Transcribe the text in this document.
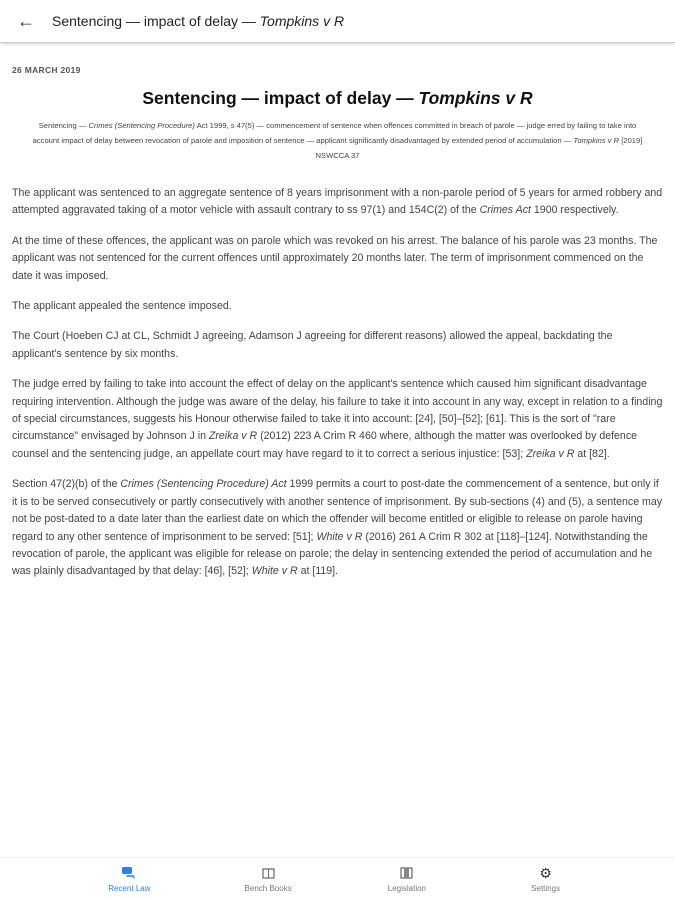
← Sentencing — impact of delay — Tompkins v R
26 MARCH 2019
Sentencing — impact of delay — Tompkins v R
Sentencing — Crimes (Sentencing Procedure) Act 1999, s 47(5) — commencement of sentence when offences committed in breach of parole — judge erred by failing to take into account impact of delay between revocation of parole and imposition of sentence — applicant significantly disadvantaged by extended period of accumulation — Tompkins v R [2019] NSWCCA 37

The applicant was sentenced to an aggregate sentence of 8 years imprisonment with a non-parole period of 5 years for armed robbery and attempted aggravated taking of a motor vehicle with assault contrary to ss 97(1) and 154C(2) of the Crimes Act 1900 respectively.

At the time of these offences, the applicant was on parole which was revoked on his arrest. The balance of his parole was 23 months. The applicant was not sentenced for the current offences until approximately 20 months later. The term of imprisonment commenced on the date it was imposed.

The applicant appealed the sentence imposed.

The Court (Hoeben CJ at CL, Schmidt J agreeing, Adamson J agreeing for different reasons) allowed the appeal, backdating the applicant's sentence by six months.

The judge erred by failing to take into account the effect of delay on the applicant's sentence which caused him significant disadvantage requiring intervention. Although the judge was aware of the delay, his failure to take it into account in any way, except in relation to a finding of special circumstances, suggests his Honour otherwise failed to take it into account: [24], [50]–[52]; [61]. This is the sort of "rare circumstance" envisaged by Johnson J in Zreika v R (2012) 223 A Crim R 460 where, although the matter was overlooked by defence counsel and the sentencing judge, an appellate court may have regard to it to correct a serious injustice: [53]; Zreika v R at [82].

Section 47(2)(b) of the Crimes (Sentencing Procedure) Act 1999 permits a court to post-date the commencement of a sentence, but only if it is to be served consecutively or partly consecutively with another sentence of imprisonment. By sub-sections (4) and (5), a sentence may not be post-dated to a date later than the earliest date on which the offender will become entitled or eligible to release on parole having regard to any other sentence of imprisonment to be served: [51]; White v R (2016) 261 A Crim R 302 at [118]–[124]. Notwithstanding the revocation of parole, the applicant was eligible for release on parole; the delay in sentencing extended the period of accumulation and he was plainly disadvantaged by that delay: [46], [52]; White v R at [119].

Recent Law	Bench Books	Legislation
⚙
Settings
